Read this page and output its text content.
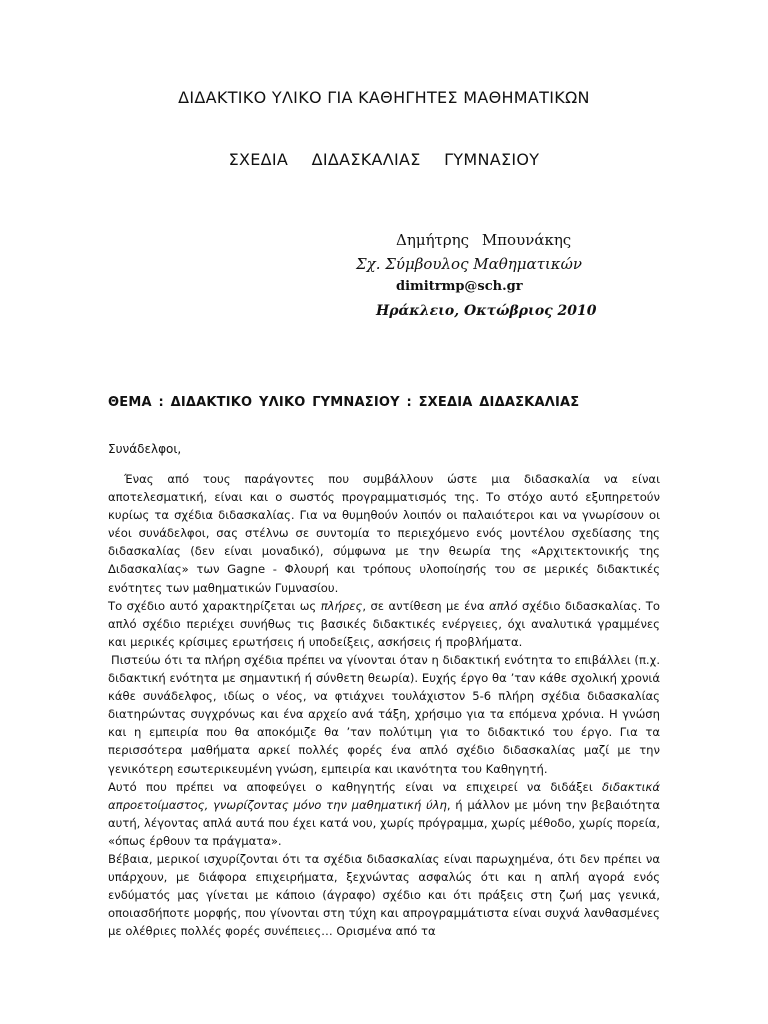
ΔΙΔΑΚΤΙΚΟ ΥΛΙΚΟ ΓΙΑ ΚΑΘΗΓΗΤΕΣ ΜΑΘΗΜΑΤΙΚΩΝ
ΣΧΕΔΙΑ ΔΙΔΑΣΚΑΛΙΑΣ ΓΥΜΝΑΣΙΟΥ
Δημήτρης Μπουνάκης
Σχ. Σύμβουλος Μαθηματικών
dimitrmp@sch.gr
Ηράκλειο, Οκτώβριος 2010
ΘΕΜΑ : ΔΙΔΑΚΤΙΚΟ ΥΛΙΚΟ ΓΥΜΝΑΣΙΟΥ : ΣΧΕΔΙΑ ΔΙΔΑΣΚΑΛΙΑΣ
Συνάδελφοι,

Ένας από τους παράγοντες που συμβάλλουν ώστε μια διδασκαλία να είναι αποτελεσματική, είναι και ο σωστός προγραμματισμός της. Το στόχο αυτό εξυπηρετούν κυρίως τα σχέδια διδασκαλίας. Για να θυμηθούν λοιπόν οι παλαιότεροι και να γνωρίσουν οι νέοι συνάδελφοι, σας στέλνω σε συντομία το περιεχόμενο ενός μοντέλου σχεδίασης της διδασκαλίας (δεν είναι μοναδικό), σύμφωνα με την θεωρία της «Αρχιτεκτονικής της Διδασκαλίας» των Gagne - Φλουρή και τρόπους υλοποίησής του σε μερικές διδακτικές ενότητες των μαθηματικών Γυμνασίου.

Το σχέδιο αυτό χαρακτηρίζεται ως πλήρες, σε αντίθεση με ένα απλό σχέδιο διδασκαλίας. Το απλό σχέδιο περιέχει συνήθως τις βασικές διδακτικές ενέργειες, όχι αναλυτικά γραμμένες και μερικές κρίσιμες ερωτήσεις ή υποδείξεις, ασκήσεις ή προβλήματα.

Πιστεύω ότι τα πλήρη σχέδια πρέπει να γίνονται όταν η διδακτική ενότητα το επιβάλλει (π.χ. διδακτική ενότητα με σημαντική ή σύνθετη θεωρία). Ευχής έργο θα ’ταν κάθε σχολική χρονιά κάθε συνάδελφος, ιδίως ο νέος, να φτιάχνει τουλάχιστον 5-6 πλήρη σχέδια διδασκαλίας διατηρώντας συγχρόνως και ένα αρχείο ανά τάξη, χρήσιμο για τα επόμενα χρόνια. Η γνώση και η εμπειρία που θα αποκόμιζε θα ’ταν πολύτιμη για το διδακτικό του έργο. Για τα περισσότερα μαθήματα αρκεί πολλές φορές ένα απλό σχέδιο διδασκαλίας μαζί με την γενικότερη εσωτερικευμένη γνώση, εμπειρία και ικανότητα του Καθηγητή.

Αυτό που πρέπει να αποφεύγει ο καθηγητής είναι να επιχειρεί να διδάξει διδακτικά απροετοίμαστος, γνωρίζοντας μόνο την μαθηματική ύλη, ή μάλλον με μόνη την βεβαιότητα αυτή, λέγοντας απλά αυτά που έχει κατά νου, χωρίς πρόγραμμα, χωρίς μέθοδο, χωρίς πορεία, «όπως έρθουν τα πράγματα».

Βέβαια, μερικοί ισχυρίζονται ότι τα σχέδια διδασκαλίας είναι παρωχημένα, ότι δεν πρέπει να υπάρχουν, με διάφορα επιχειρήματα, ξεχνώντας ασφαλώς ότι και η απλή αγορά ενός ενδύματός μας γίνεται με κάποιο (άγραφο) σχέδιο και ότι πράξεις στη ζωή μας γενικά, οποιασδήποτε μορφής, που γίνονται στη τύχη και απρογραμμάτιστα είναι συχνά λανθασμένες με ολέθριες πολλές φορές συνέπειες… Ορισμένα από τα
